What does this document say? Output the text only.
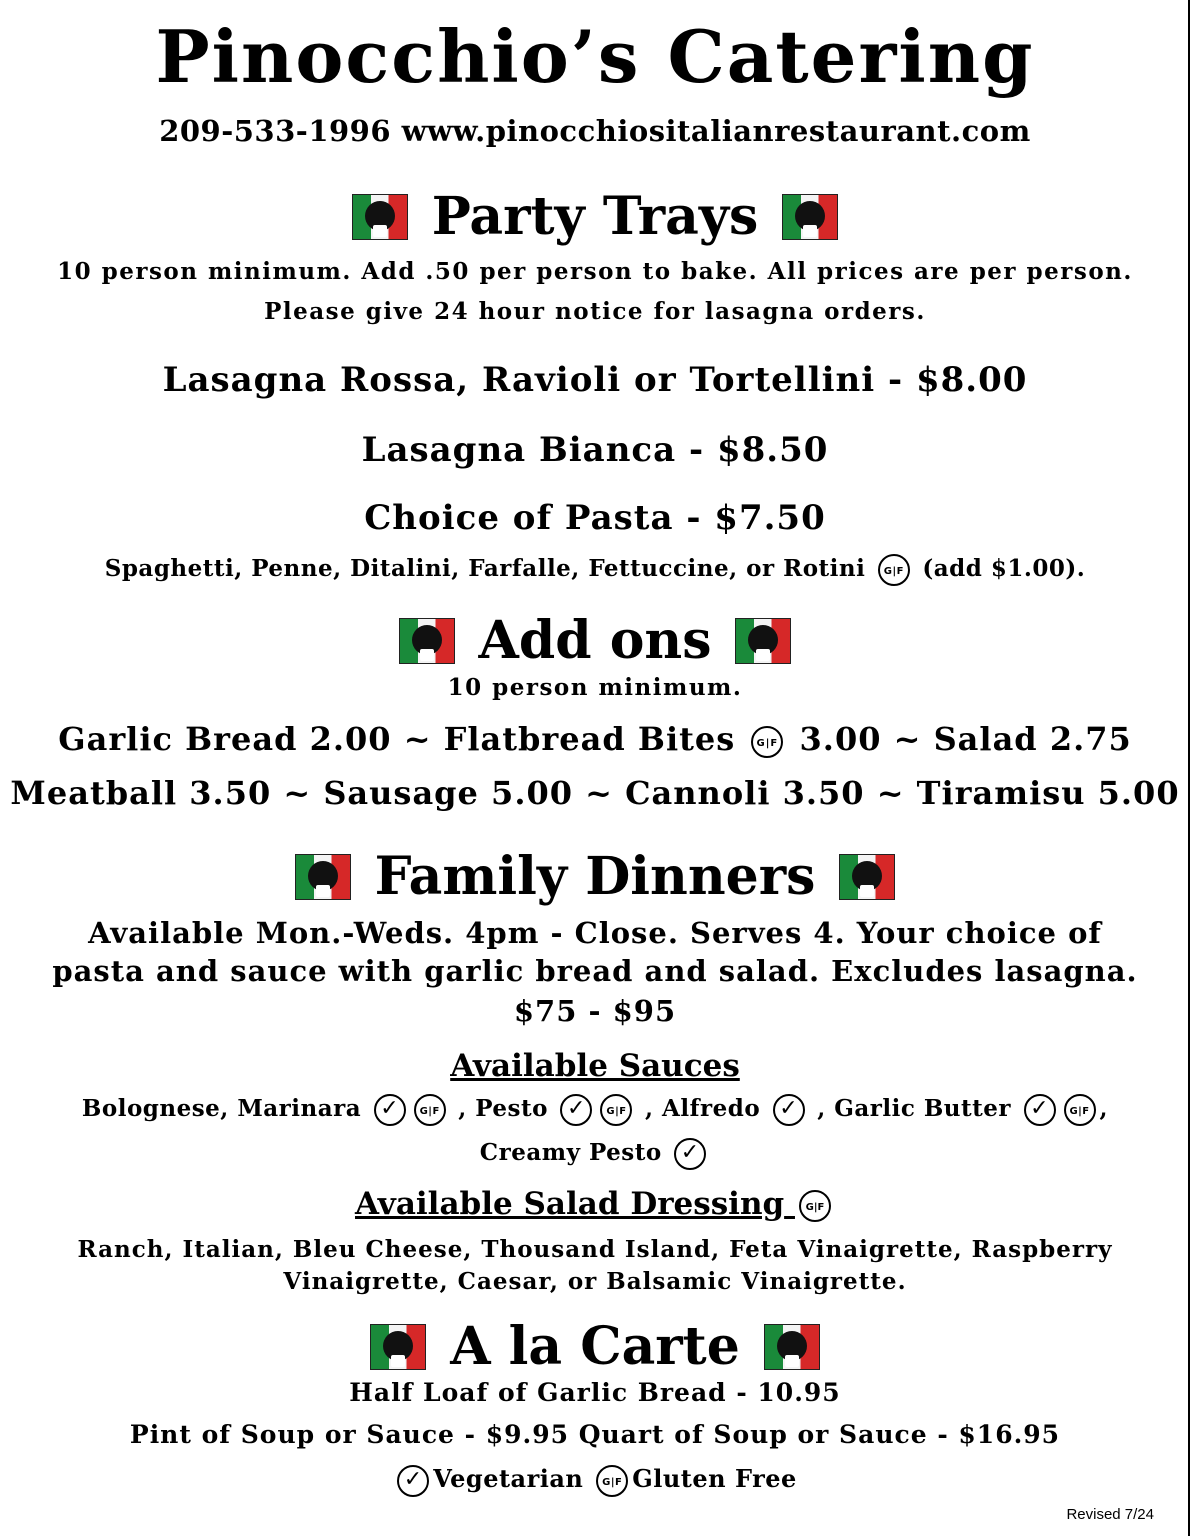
Pinocchio’s Catering
209-533-1996 www.pinocchiositalianrestaurant.com
Party Trays
10 person minimum. Add .50 per person to bake. All prices are per person.
Please give 24 hour notice for lasagna orders.
Lasagna Rossa, Ravioli or Tortellini - $8.00
Lasagna Bianca - $8.50
Choice of Pasta - $7.50
Spaghetti, Penne, Ditalini, Farfalle, Fettuccine, or Rotini G|F (add $1.00).
Add ons
10 person minimum.
Garlic Bread 2.00 ~ Flatbread Bites G|F 3.00 ~ Salad 2.75
Meatball 3.50 ~ Sausage 5.00 ~ Cannoli 3.50 ~ Tiramisu 5.00
Family Dinners
Available Mon.-Weds. 4pm - Close. Serves 4. Your choice of
pasta and sauce with garlic bread and salad. Excludes lasagna.
$75 - $95
Available Sauces
Bolognese, Marinara ✓ G|F	, Pesto ✓ G|F	, Alfredo ✓ , Garlic Butter ✓ G|F	,
Creamy Pesto ✓
Available Salad Dressing G|F
Ranch, Italian, Bleu Cheese, Thousand Island, Feta Vinaigrette, Raspberry
Vinaigrette, Caesar, or Balsamic Vinaigrette.
A la Carte
Half Loaf of Garlic Bread - 10.95
Pint of Soup or Sauce - $9.95 Quart of Soup or Sauce - $16.95
✓Vegetarian G|F Gluten Free
Revised 7/24
